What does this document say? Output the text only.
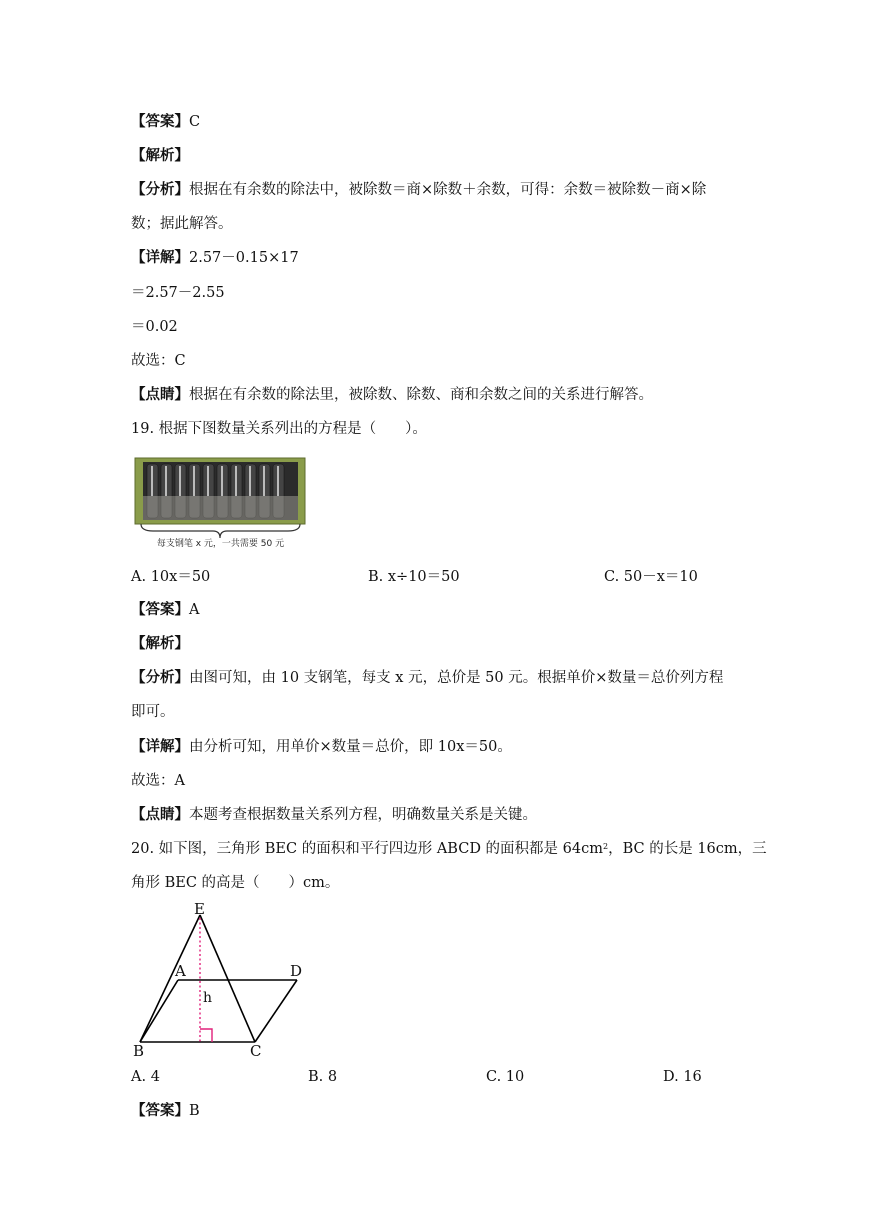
【答案】C
【解析】
【分析】根据在有余数的除法中，被除数＝商×除数＋余数，可得：余数＝被除数－商×除
数；据此解答。
【详解】2.57－0.15×17
＝2.57－2.55
＝0.02
故选：C
【点睛】根据在有余数的除法里，被除数、除数、商和余数之间的关系进行解答。
19. 根据下图数量关系列出的方程是（　　）。
每支钢笔 x 元，一共需要 50 元
A. 10x＝50	B. x÷10＝50	C. 50－x＝10
【答案】A
【解析】
【分析】由图可知，由 10 支钢笔，每支 x 元，总价是 50 元。根据单价×数量＝总价列方程
即可。
【详解】由分析可知，用单价×数量＝总价，即 10x＝50。
故选：A
【点睛】本题考查根据数量关系列方程，明确数量关系是关键。
20. 如下图，三角形 BEC 的面积和平行四边形 ABCD 的面积都是 $64cm^2$，BC 的长是 16cm，三
角形 BEC 的高是（　　）cm。
E
A	D
h
B	C
A. 4	B. 8	C. 10	D. 16
【答案】B
